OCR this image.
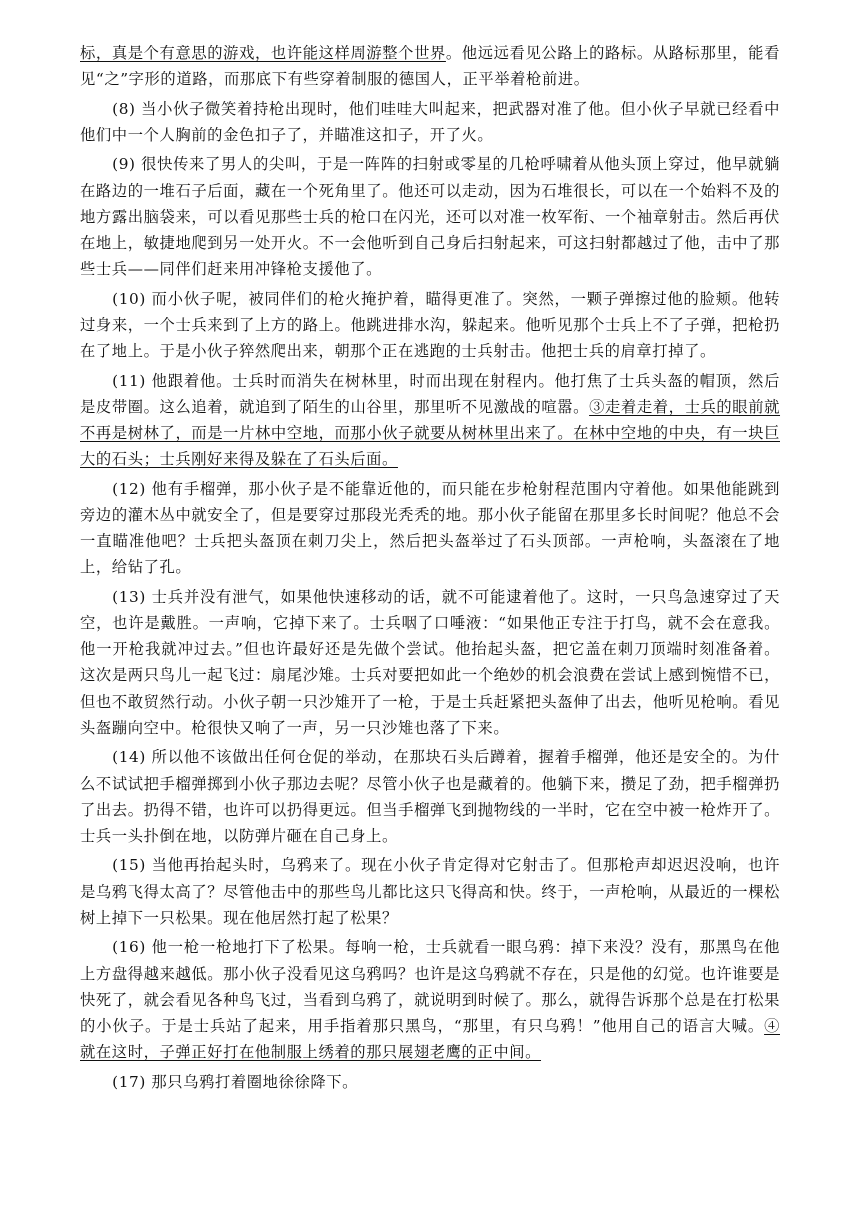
标，真是个有意思的游戏，也许能这样周游整个世界。他远远看见公路上的路标。从路标那里，能看见“之”字形的道路，而那底下有些穿着制服的德国人，正平举着枪前进。

(8) 当小伙子微笑着持枪出现时，他们哇哇大叫起来，把武器对准了他。但小伙子早就已经看中他们中一个人胸前的金色扣子了，并瞄准这扣子，开了火。

(9) 很快传来了男人的尖叫，于是一阵阵的扫射或零星的几枪呼啸着从他头顶上穿过，他早就躺在路边的一堆石子后面，藏在一个死角里了。他还可以走动，因为石堆很长，可以在一个始料不及的地方露出脑袋来，可以看见那些士兵的枪口在闪光，还可以对准一枚军衔、一个袖章射击。然后再伏在地上，敏捷地爬到另一处开火。不一会他听到自己身后扫射起来，可这扫射都越过了他，击中了那些士兵——同伴们赶来用冲锋枪支援他了。

(10) 而小伙子呢，被同伴们的枪火掩护着，瞄得更准了。突然，一颗子弹擦过他的脸颊。他转过身来，一个士兵来到了上方的路上。他跳进排水沟，躲起来。他听见那个士兵上不了子弹，把枪扔在了地上。于是小伙子猝然爬出来，朝那个正在逃跑的士兵射击。他把士兵的肩章打掉了。

(11) 他跟着他。士兵时而消失在树林里，时而出现在射程内。他打焦了士兵头盔的帽顶，然后是皮带圈。这么追着，就追到了陌生的山谷里，那里听不见激战的喧嚣。③走着走着，士兵的眼前就不再是树林了，而是一片林中空地，而那小伙子就要从树林里出来了。在林中空地的中央，有一块巨大的石头；士兵刚好来得及躲在了石头后面。

(12) 他有手榴弹，那小伙子是不能靠近他的，而只能在步枪射程范围内守着他。如果他能跳到旁边的灌木丛中就安全了，但是要穿过那段光秃秃的地。那小伙子能留在那里多长时间呢？他总不会一直瞄准他吧？士兵把头盔顶在刺刀尖上，然后把头盔举过了石头顶部。一声枪响，头盔滚在了地上，给钻了孔。

(13) 士兵并没有泄气，如果他快速移动的话，就不可能逮着他了。这时，一只鸟急速穿过了天空，也许是戴胜。一声响，它掉下来了。士兵咽了口唾液：“如果他正专注于打鸟，就不会在意我。他一开枪我就冲过去。”但也许最好还是先做个尝试。他抬起头盔，把它盖在刺刀顶端时刻准备着。这次是两只鸟儿一起飞过：扇尾沙雉。士兵对要把如此一个绝妙的机会浪费在尝试上感到惋惜不已，但也不敢贸然行动。小伙子朝一只沙雉开了一枪，于是士兵赶紧把头盔伸了出去，他听见枪响。看见头盔蹦向空中。枪很快又响了一声，另一只沙雉也落了下来。

(14) 所以他不该做出任何仓促的举动，在那块石头后蹲着，握着手榴弹，他还是安全的。为什么不试试把手榴弹掷到小伙子那边去呢？尽管小伙子也是藏着的。他躺下来，攒足了劲，把手榴弹扔了出去。扔得不错，也许可以扔得更远。但当手榴弹飞到抛物线的一半时，它在空中被一枪炸开了。士兵一头扑倒在地，以防弹片砸在自己身上。

(15) 当他再抬起头时，乌鸦来了。现在小伙子肯定得对它射击了。但那枪声却迟迟没响，也许是乌鸦飞得太高了？尽管他击中的那些鸟儿都比这只飞得高和快。终于，一声枪响，从最近的一棵松树上掉下一只松果。现在他居然打起了松果？

(16) 他一枪一枪地打下了松果。每响一枪，士兵就看一眼乌鸦：掉下来没？没有，那黑鸟在他上方盘得越来越低。那小伙子没看见这乌鸦吗？也许是这乌鸦就不存在，只是他的幻觉。也许谁要是快死了，就会看见各种鸟飞过，当看到乌鸦了，就说明到时候了。那么，就得告诉那个总是在打松果的小伙子。于是士兵站了起来，用手指着那只黑鸟，“那里，有只乌鸦！”他用自己的语言大喊。④就在这时，子弹正好打在他制服上绣着的那只展翅老鹰的正中间。

(17) 那只乌鸦打着圈地徐徐降下。
